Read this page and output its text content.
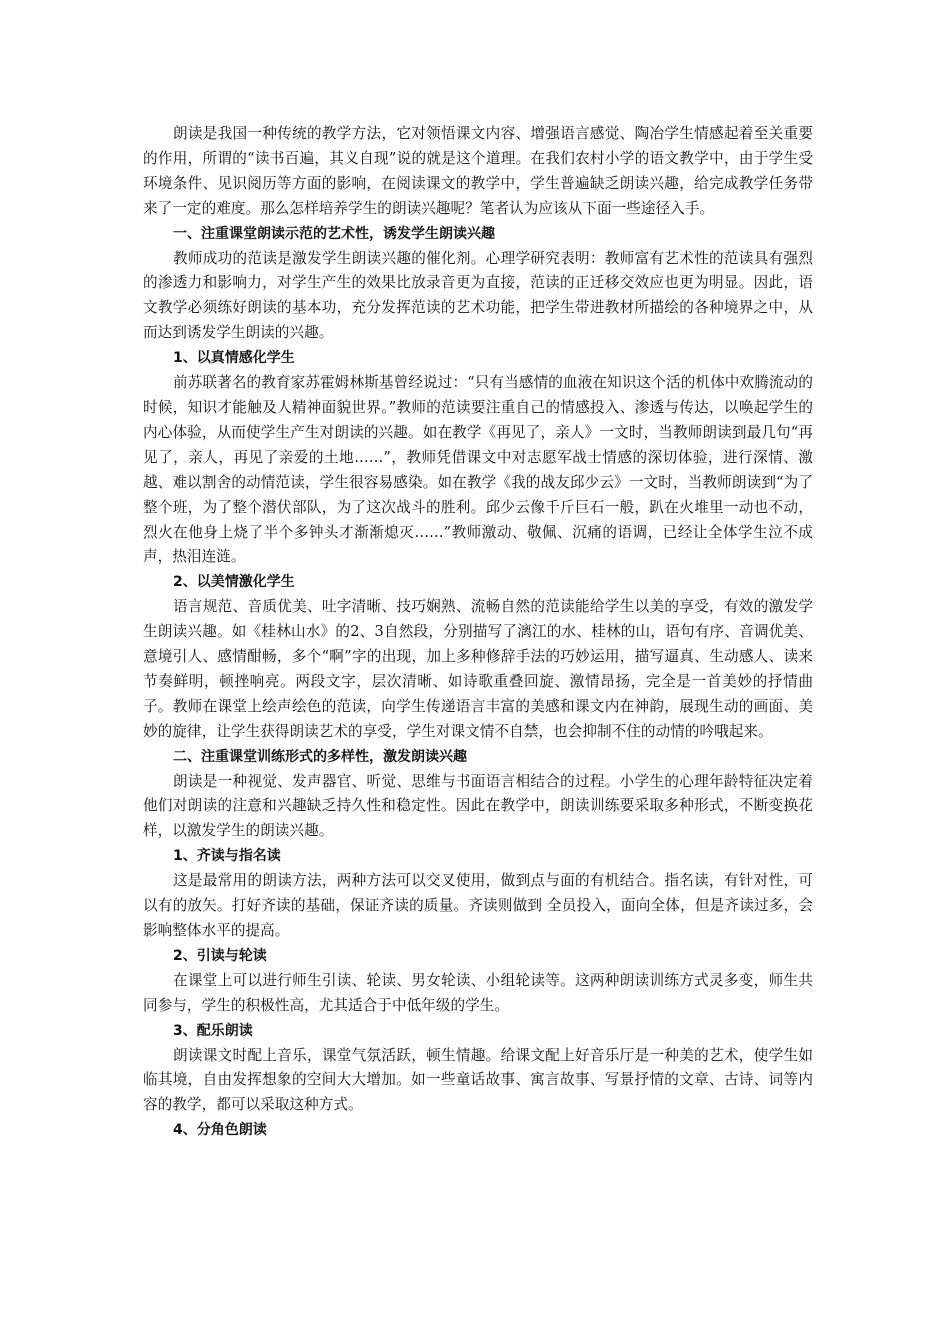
朗读是我国一种传统的教学方法，它对领悟课文内容、增强语言感觉、陶冶学生情感起着至关重要的作用，所谓的“读书百遍，其义自现”说的就是这个道理。在我们农村小学的语文教学中，由于学生受环境条件、见识阅历等方面的影响，在阅读课文的教学中，学生普遍缺乏朗读兴趣，给完成教学任务带来了一定的难度。那么怎样培养学生的朗读兴趣呢？笔者认为应该从下面一些途径入手。

一、注重课堂朗读示范的艺术性，诱发学生朗读兴趣

教师成功的范读是激发学生朗读兴趣的催化剂。心理学研究表明：教师富有艺术性的范读具有强烈的渗透力和影响力，对学生产生的效果比放录音更为直接，范读的正迁移交效应也更为明显。因此，语文教学必须练好朗读的基本功，充分发挥范读的艺术功能，把学生带进教材所描绘的各种境界之中，从而达到诱发学生朗读的兴趣。

1、以真情感化学生

前苏联著名的教育家苏霍姆林斯基曾经说过：“只有当感情的血液在知识这个活的机体中欢腾流动的时候，知识才能触及人精神面貌世界。”教师的范读要注重自己的情感投入、渗透与传达，以唤起学生的内心体验，从而使学生产生对朗读的兴趣。如在教学《再见了，亲人》一文时，当教师朗读到最几句“再见了，亲人，再见了亲爱的土地……”，教师凭借课文中对志愿军战士情感的深切体验，进行深情、激越、难以割舍的动情范读，学生很容易感染。如在教学《我的战友邱少云》一文时，当教师朗读到“为了整个班，为了整个潜伏部队，为了这次战斗的胜利。邱少云像千斤巨石一般，趴在火堆里一动也不动，烈火在他身上烧了半个多钟头才渐渐熄灭……”教师激动、敬佩、沉痛的语调，已经让全体学生泣不成声，热泪连涟。

2、以美情激化学生

语言规范、音质优美、吐字清晰、技巧娴熟、流畅自然的范读能给学生以美的享受，有效的激发学生朗读兴趣。如《桂林山水》的2、3自然段，分别描写了漓江的水、桂林的山，语句有序、音调优美、意境引人、感情酣畅，多个“啊”字的出现，加上多种修辞手法的巧妙运用，描写逼真、生动感人、读来节奏鲜明，顿挫响亮。两段文字，层次清晰、如诗歌重叠回旋、激情昂扬，完全是一首美妙的抒情曲子。教师在课堂上绘声绘色的范读，向学生传递语言丰富的美感和课文内在神韵，展现生动的画面、美妙的旋律，让学生获得朗读艺术的享受，学生对课文情不自禁，也会抑制不住的动情的吟哦起来。

二、注重课堂训练形式的多样性，激发朗读兴趣

朗读是一种视觉、发声器官、听觉、思维与书面语言相结合的过程。小学生的心理年龄特征决定着他们对朗读的注意和兴趣缺乏持久性和稳定性。因此在教学中，朗读训练要采取多种形式，不断变换花样，以激发学生的朗读兴趣。

1、齐读与指名读

这是最常用的朗读方法，两种方法可以交叉使用，做到点与面的有机结合。指名读，有针对性，可以有的放矢。打好齐读的基础，保证齐读的质量。齐读则做到 全员投入，面向全体，但是齐读过多，会影响整体水平的提高。

2、引读与轮读

在课堂上可以进行师生引读、轮读、男女轮读、小组轮读等。这两种朗读训练方式灵多变，师生共同参与，学生的积极性高，尤其适合于中低年级的学生。

3、配乐朗读

朗读课文时配上音乐，课堂气氛活跃，顿生情趣。给课文配上好音乐厅是一种美的艺术，使学生如临其境，自由发挥想象的空间大大增加。如一些童话故事、寓言故事、写景抒情的文章、古诗、词等内容的教学，都可以采取这种方式。

4、分角色朗读
